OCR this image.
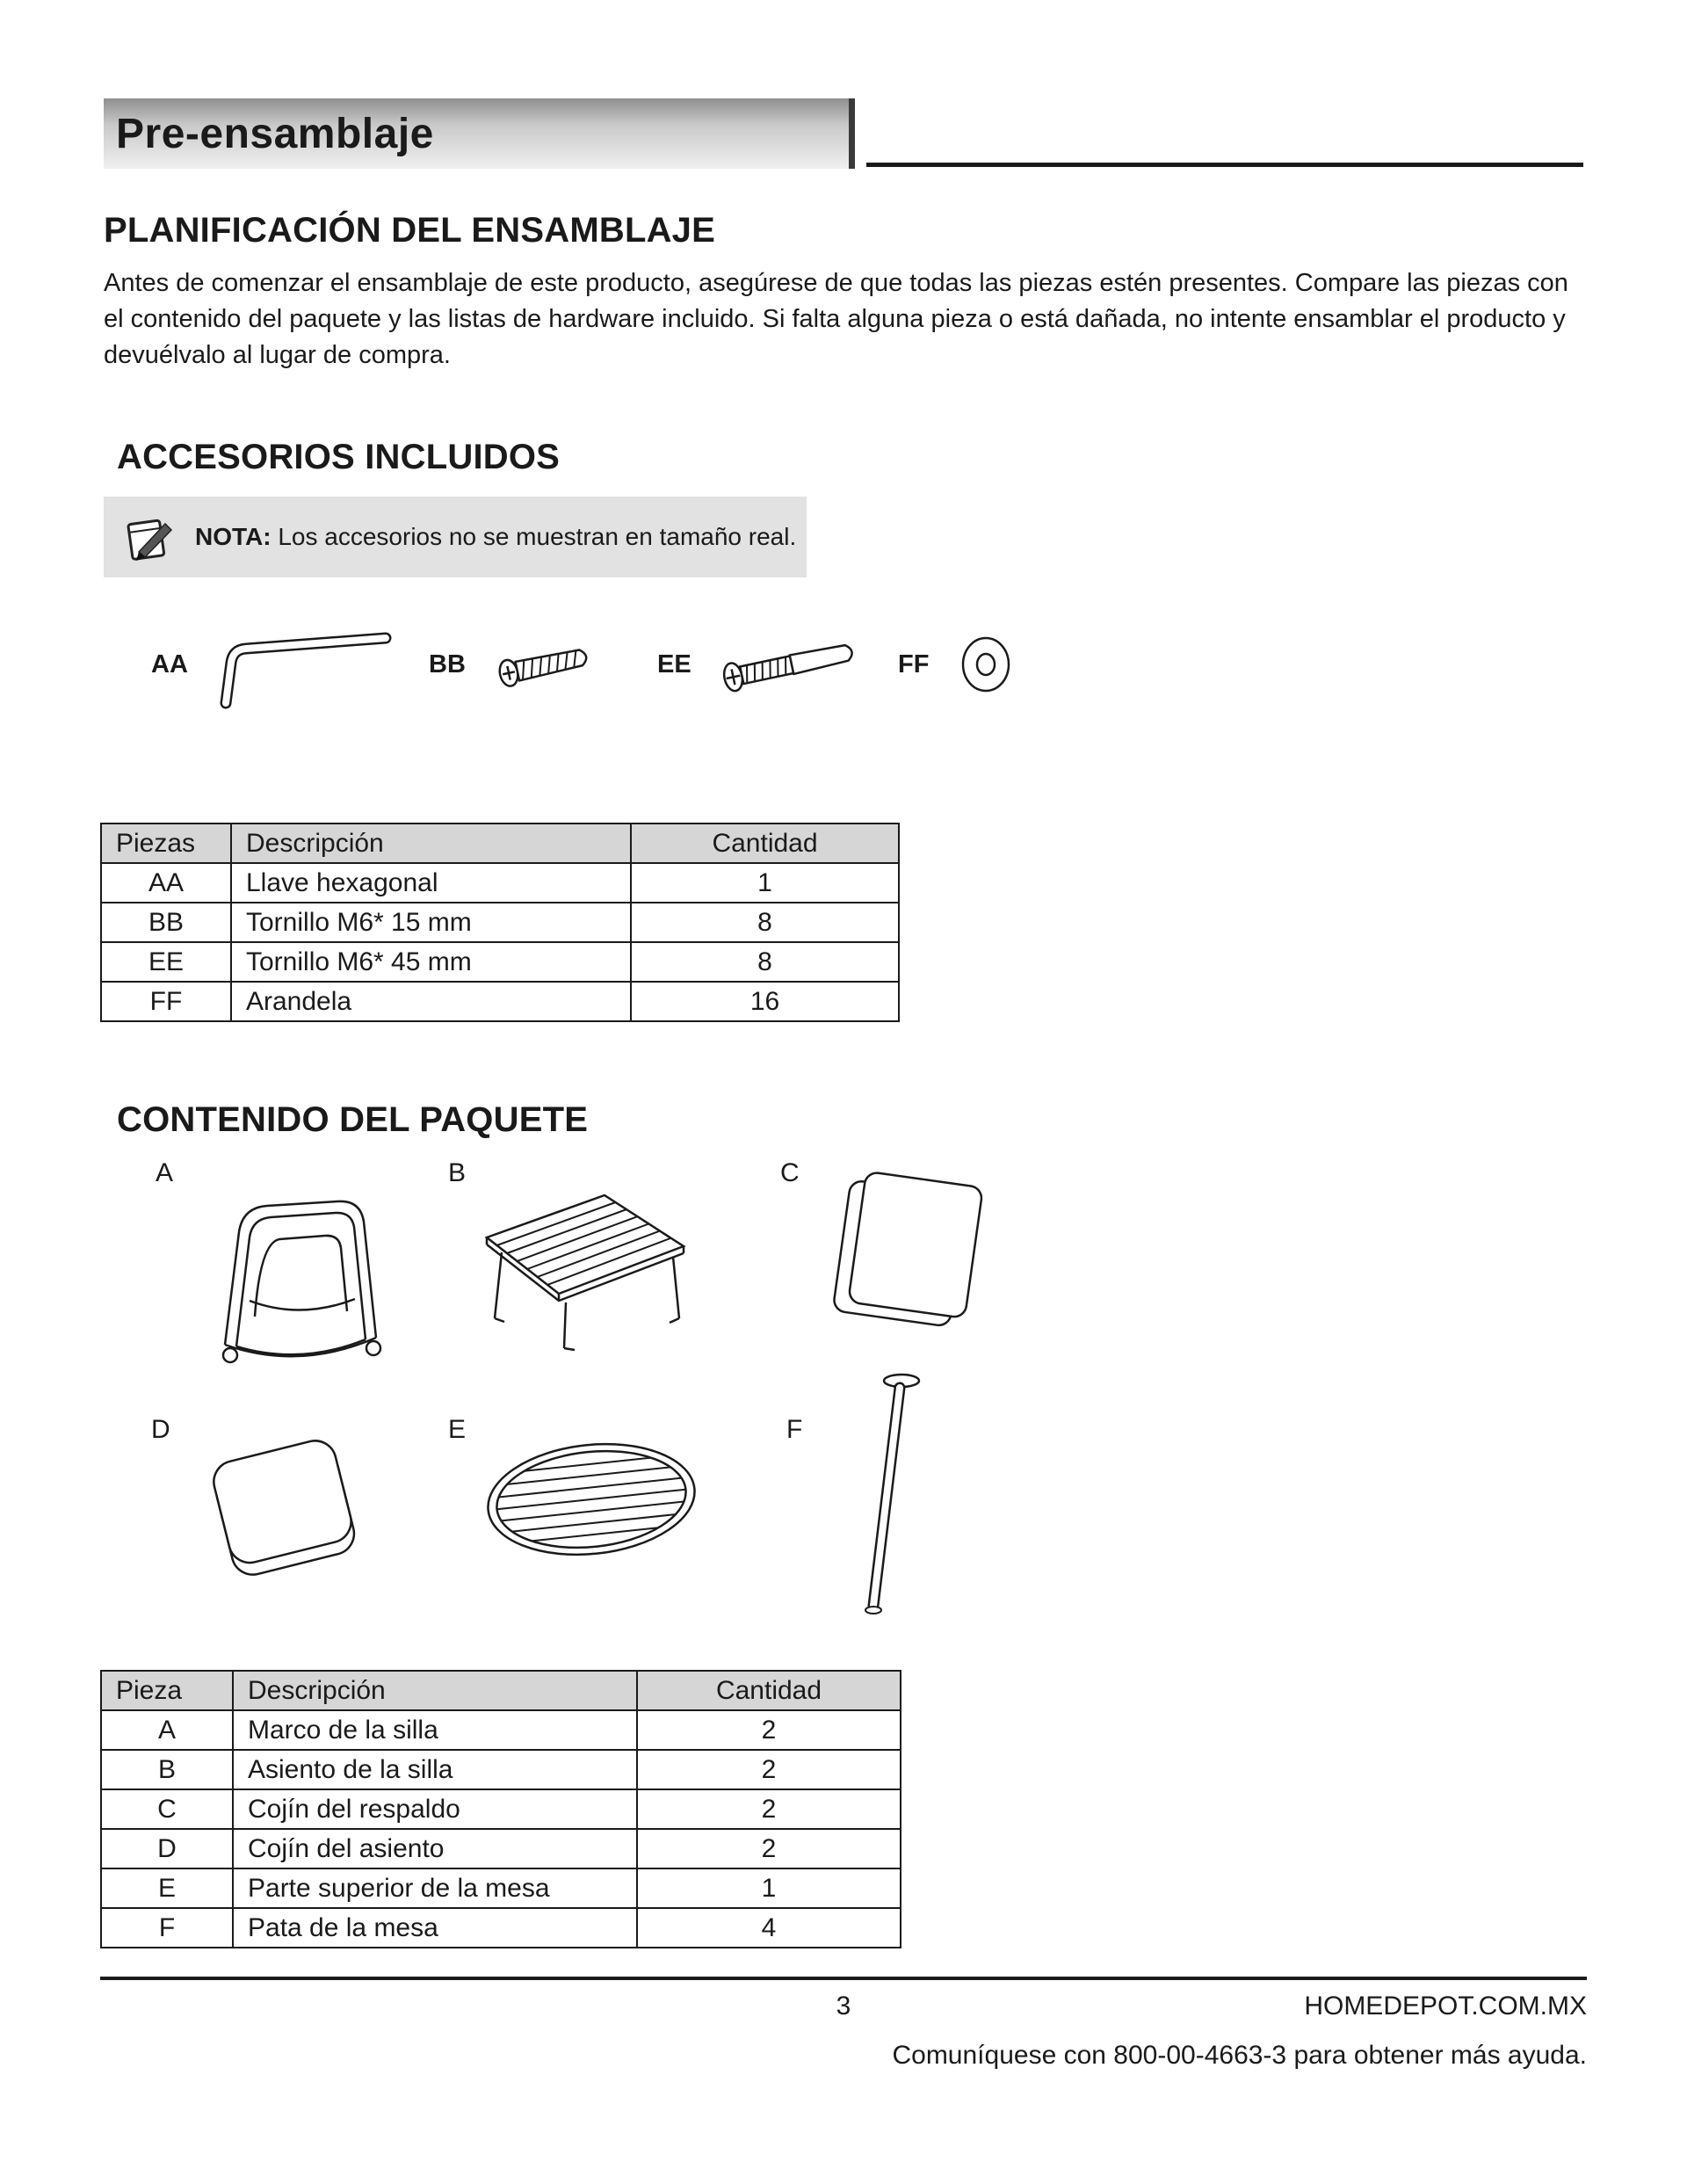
Pre-ensamblaje
PLANIFICACIÓN DEL ENSAMBLAJE
Antes de comenzar el ensamblaje de este producto, asegúrese de que todas las piezas estén presentes. Compare las piezas con el contenido del paquete y las listas de hardware incluido. Si falta alguna pieza o está dañada, no intente ensamblar el producto y devuélvalo al lugar de compra.
ACCESORIOS INCLUIDOS
NOTA: Los accesorios no se muestran en tamaño real.
AA	BB	EE	FF
Piezas	Descripción	Cantidad
AA	Llave hexagonal	1
BB	Tornillo M6* 15 mm	8
EE	Tornillo M6* 45 mm	8
FF	Arandela	16
CONTENIDO DEL PAQUETE
A	B	C
D	E	F
Pieza	Descripción	Cantidad
A	Marco de la silla	2
B	Asiento de la silla	2
C	Cojín del respaldo	2
D	Cojín del asiento	2
E	Parte superior de la mesa	1
F	Pata de la mesa	4
3	HOMEDEPOT.COM.MX
Comuníquese con 800-00-4663-3 para obtener más ayuda.
